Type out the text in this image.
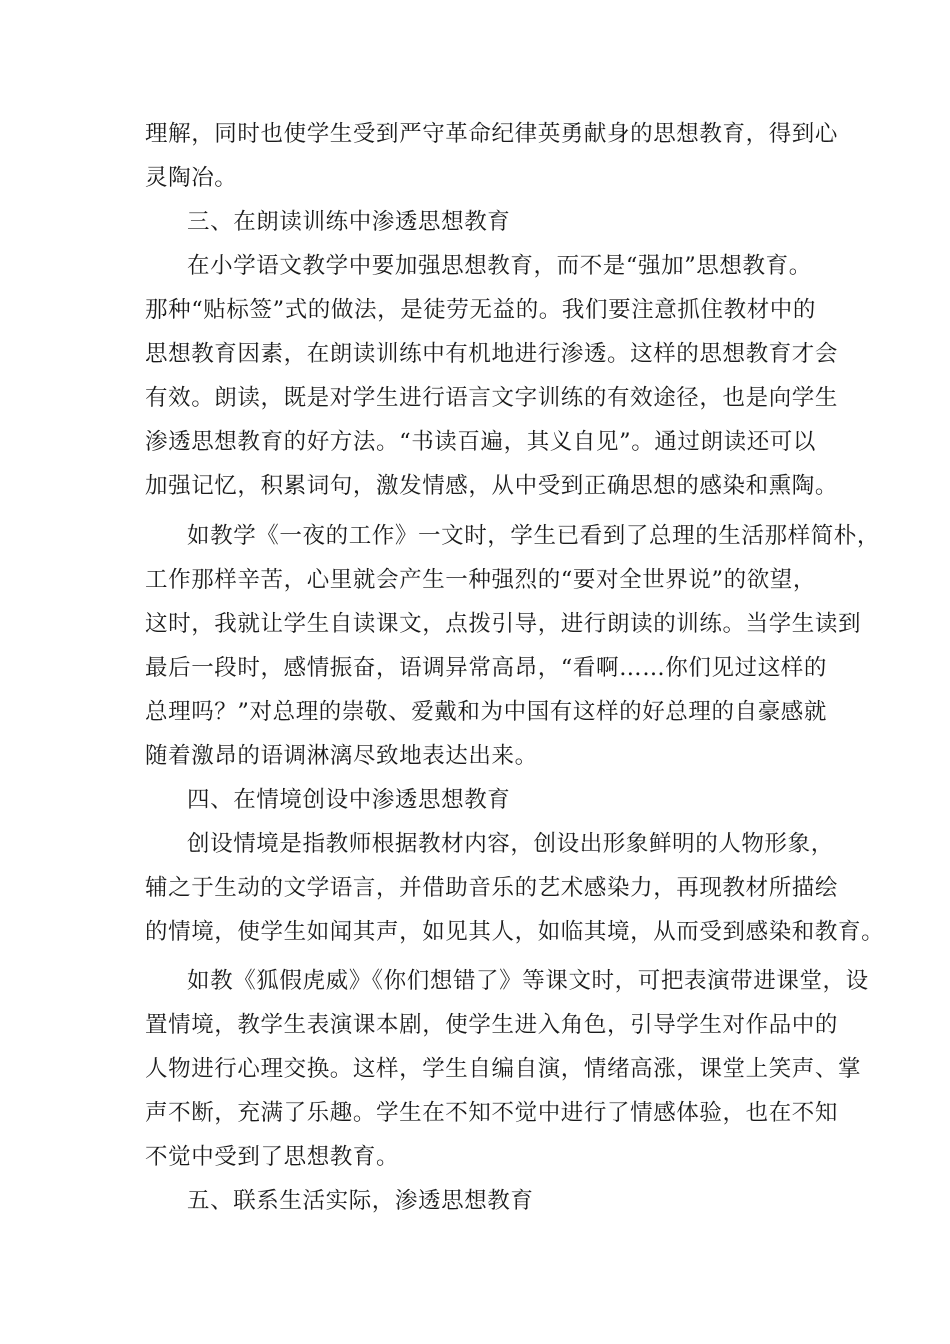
理解，同时也使学生受到严守革命纪律英勇献身的思想教育，得到心
灵陶冶。
三、在朗读训练中渗透思想教育
在小学语文教学中要加强思想教育，而不是“强加”思想教育。
那种“贴标签”式的做法，是徒劳无益的。我们要注意抓住教材中的
思想教育因素，在朗读训练中有机地进行渗透。这样的思想教育才会
有效。朗读，既是对学生进行语言文字训练的有效途径，也是向学生
渗透思想教育的好方法。“书读百遍，其义自见”。通过朗读还可以
加强记忆，积累词句，激发情感，从中受到正确思想的感染和熏陶。
如教学《一夜的工作》一文时，学生已看到了总理的生活那样简朴，
工作那样辛苦，心里就会产生一种强烈的“要对全世界说”的欲望，
这时，我就让学生自读课文，点拨引导，进行朗读的训练。当学生读到
最后一段时，感情振奋，语调异常高昂，“看啊……你们见过这样的
总理吗？”对总理的崇敬、爱戴和为中国有这样的好总理的自豪感就
随着激昂的语调淋漓尽致地表达出来。
四、在情境创设中渗透思想教育
创设情境是指教师根据教材内容，创设出形象鲜明的人物形象，
辅之于生动的文学语言，并借助音乐的艺术感染力，再现教材所描绘
的情境，使学生如闻其声，如见其人，如临其境，从而受到感染和教育。
如教《狐假虎威》《你们想错了》等课文时，可把表演带进课堂，设
置情境，教学生表演课本剧，使学生进入角色，引导学生对作品中的
人物进行心理交换。这样，学生自编自演，情绪高涨，课堂上笑声、掌
声不断，充满了乐趣。学生在不知不觉中进行了情感体验，也在不知
不觉中受到了思想教育。
五、联系生活实际，渗透思想教育
